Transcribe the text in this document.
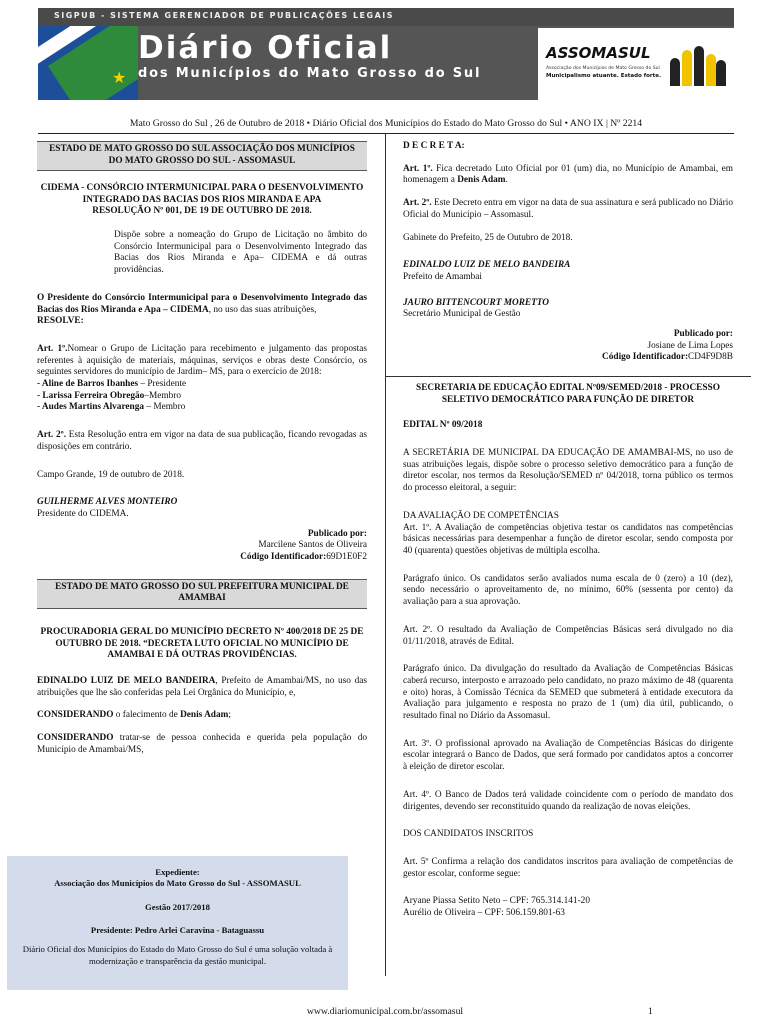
SIGPUB - SISTEMA GERENCIADOR DE PUBLICAÇÕES LEGAIS
★
Diário Oficial
dos Municípios do Mato Grosso do Sul
ASSOMASUL
Associação dos Municípios de Mato Grosso do Sul
Municipalismo atuante. Estado forte.
Mato Grosso do Sul , 26 de Outubro de 2018 • Diário Oficial dos Municípios do Estado do Mato Grosso do Sul • ANO IX | Nº 2214
ESTADO DE MATO GROSSO DO SUL ASSOCIAÇÃO DOS MUNICÍPIOS DO MATO GROSSO DO SUL - ASSOMASUL
CIDEMA - CONSÓRCIO INTERMUNICIPAL PARA O DESENVOLVIMENTO INTEGRADO DAS BACIAS DOS RIOS MIRANDA E APA
RESOLUÇÃO Nº 001, DE 19 DE OUTUBRO DE 2018.

Dispõe sobre a nomeação do Grupo de Licitação no âmbito do Consórcio Intermunicipal para o Desenvolvimento Integrado das Bacias dos Rios Miranda e Apa– CIDEMA e dá outras providências.

O Presidente do Consórcio Intermunicipal para o Desenvolvimento Integrado das Bacias dos Rios Miranda e Apa – CIDEMA, no uso das suas atribuições,

RESOLVE:

Art. 1º.Nomear o Grupo de Licitação para recebimento e julgamento das propostas referentes à aquisição de materiais, máquinas, serviços e obras deste Consórcio, os seguintes servidores do município de Jardim– MS, para o exercício de 2018:

- Aline de Barros Ibanhes – Presidente
- Larissa Ferreira Obregão–Membro
- Audes Martins Alvarenga – Membro

Art. 2º. Esta Resolução entra em vigor na data de sua publicação, ficando revogadas as disposições em contrário.

Campo Grande, 19 de outubro de 2018.

GUILHERME ALVES MONTEIRO
Presidente do CIDEMA.
Publicado por:
Marcilene Santos de Oliveira
Código Identificador:69D1E0F2
ESTADO DE MATO GROSSO DO SUL PREFEITURA MUNICIPAL DE AMAMBAI
PROCURADORIA GERAL DO MUNICÍPIO DECRETO Nº 400/2018 DE 25 DE OUTUBRO DE 2018. “DECRETA LUTO OFICIAL NO MUNICÍPIO DE AMAMBAI E DÁ OUTRAS PROVIDÊNCIAS.

EDINALDO LUIZ DE MELO BANDEIRA, Prefeito de Amambai/MS, no uso das atribuições que lhe são conferidas pela Lei Orgânica do Município, e,

CONSIDERANDO o falecimento de Denis Adam;

CONSIDERANDO tratar-se de pessoa conhecida e querida pela população do Município de Amambai/MS,

Expediente:
Associação dos Municípios do Mato Grosso do Sul - ASSOMASUL
Gestão 2017/2018
Presidente: Pedro Arlei Caravina - Bataguassu
Diário Oficial dos Municípios do Estado do Mato Grosso do Sul é uma solução voltada à modernização e transparência da gestão municipal.

D E C R E T A:

Art. 1º. Fica decretado Luto Oficial por 01 (um) dia, no Município de Amambai, em homenagem a Denis Adam.

Art. 2º. Este Decreto entra em vigor na data de sua assinatura e será publicado no Diário Oficial do Município – Assomasul.

Gabinete do Prefeito, 25 de Outubro de 2018.

EDINALDO LUIZ DE MELO BANDEIRA
Prefeito de Amambai
JAURO BITTENCOURT MORETTO
Secretário Municipal de Gestão
Publicado por:
Josiane de Lima Lopes
Código Identificador:CD4F9D8B
SECRETARIA DE EDUCAÇÃO EDITAL Nº09/SEMED/2018 - PROCESSO SELETIVO DEMOCRÁTICO PARA FUNÇÃO DE DIRETOR

EDITAL Nº 09/2018

A SECRETÁRIA DE MUNICIPAL DA EDUCAÇÃO DE AMAMBAI-MS, no uso de suas atribuições legais, dispõe sobre o processo seletivo democrático para a função de diretor escolar, nos termos da Resolução/SEMED nº 04/2018, torna público os termos do processo eleitoral, a seguir:

DA AVALIAÇÃO DE COMPETÊNCIAS

Art. 1º. A Avaliação de competências objetiva testar os candidatos nas competências básicas necessárias para desempenhar a função de diretor escolar, sendo composta por 40 (quarenta) questões objetivas de múltipla escolha.

Parágrafo único. Os candidatos serão avaliados numa escala de 0 (zero) a 10 (dez), sendo necessário o aproveitamento de, no mínimo, 60% (sessenta por cento) da avaliação para a sua aprovação.

Art. 2º. O resultado da Avaliação de Competências Básicas será divulgado no dia 01/11/2018, através de Edital.

Parágrafo único. Da divulgação do resultado da Avaliação de Competências Básicas caberá recurso, interposto e arrazoado pelo candidato, no prazo máximo de 48 (quarenta e oito) horas, à Comissão Técnica da SEMED que submeterá à entidade executora da Avaliação para julgamento e resposta no prazo de 1 (um) dia útil, publicando, o resultado final no Diário da Assomasul.

Art. 3º. O profissional aprovado na Avaliação de Competências Básicas do dirigente escolar integrará o Banco de Dados, que será formado por candidatos aptos a concorrer à eleição de diretor escolar.

Art. 4º. O Banco de Dados terá validade coincidente com o período de mandato dos dirigentes, devendo ser reconstituído quando da realização de novas eleições.

DOS CANDIDATOS INSCRITOS

Art. 5º Confirma a relação dos candidatos inscritos para avaliação de competências de gestor escolar, conforme segue:

Aryane Piassa Setito Neto – CPF: 765.314.141-20
Aurélio de Oliveira – CPF: 506.159.801-63
www.diariomunicipal.com.br/assomasul	1
